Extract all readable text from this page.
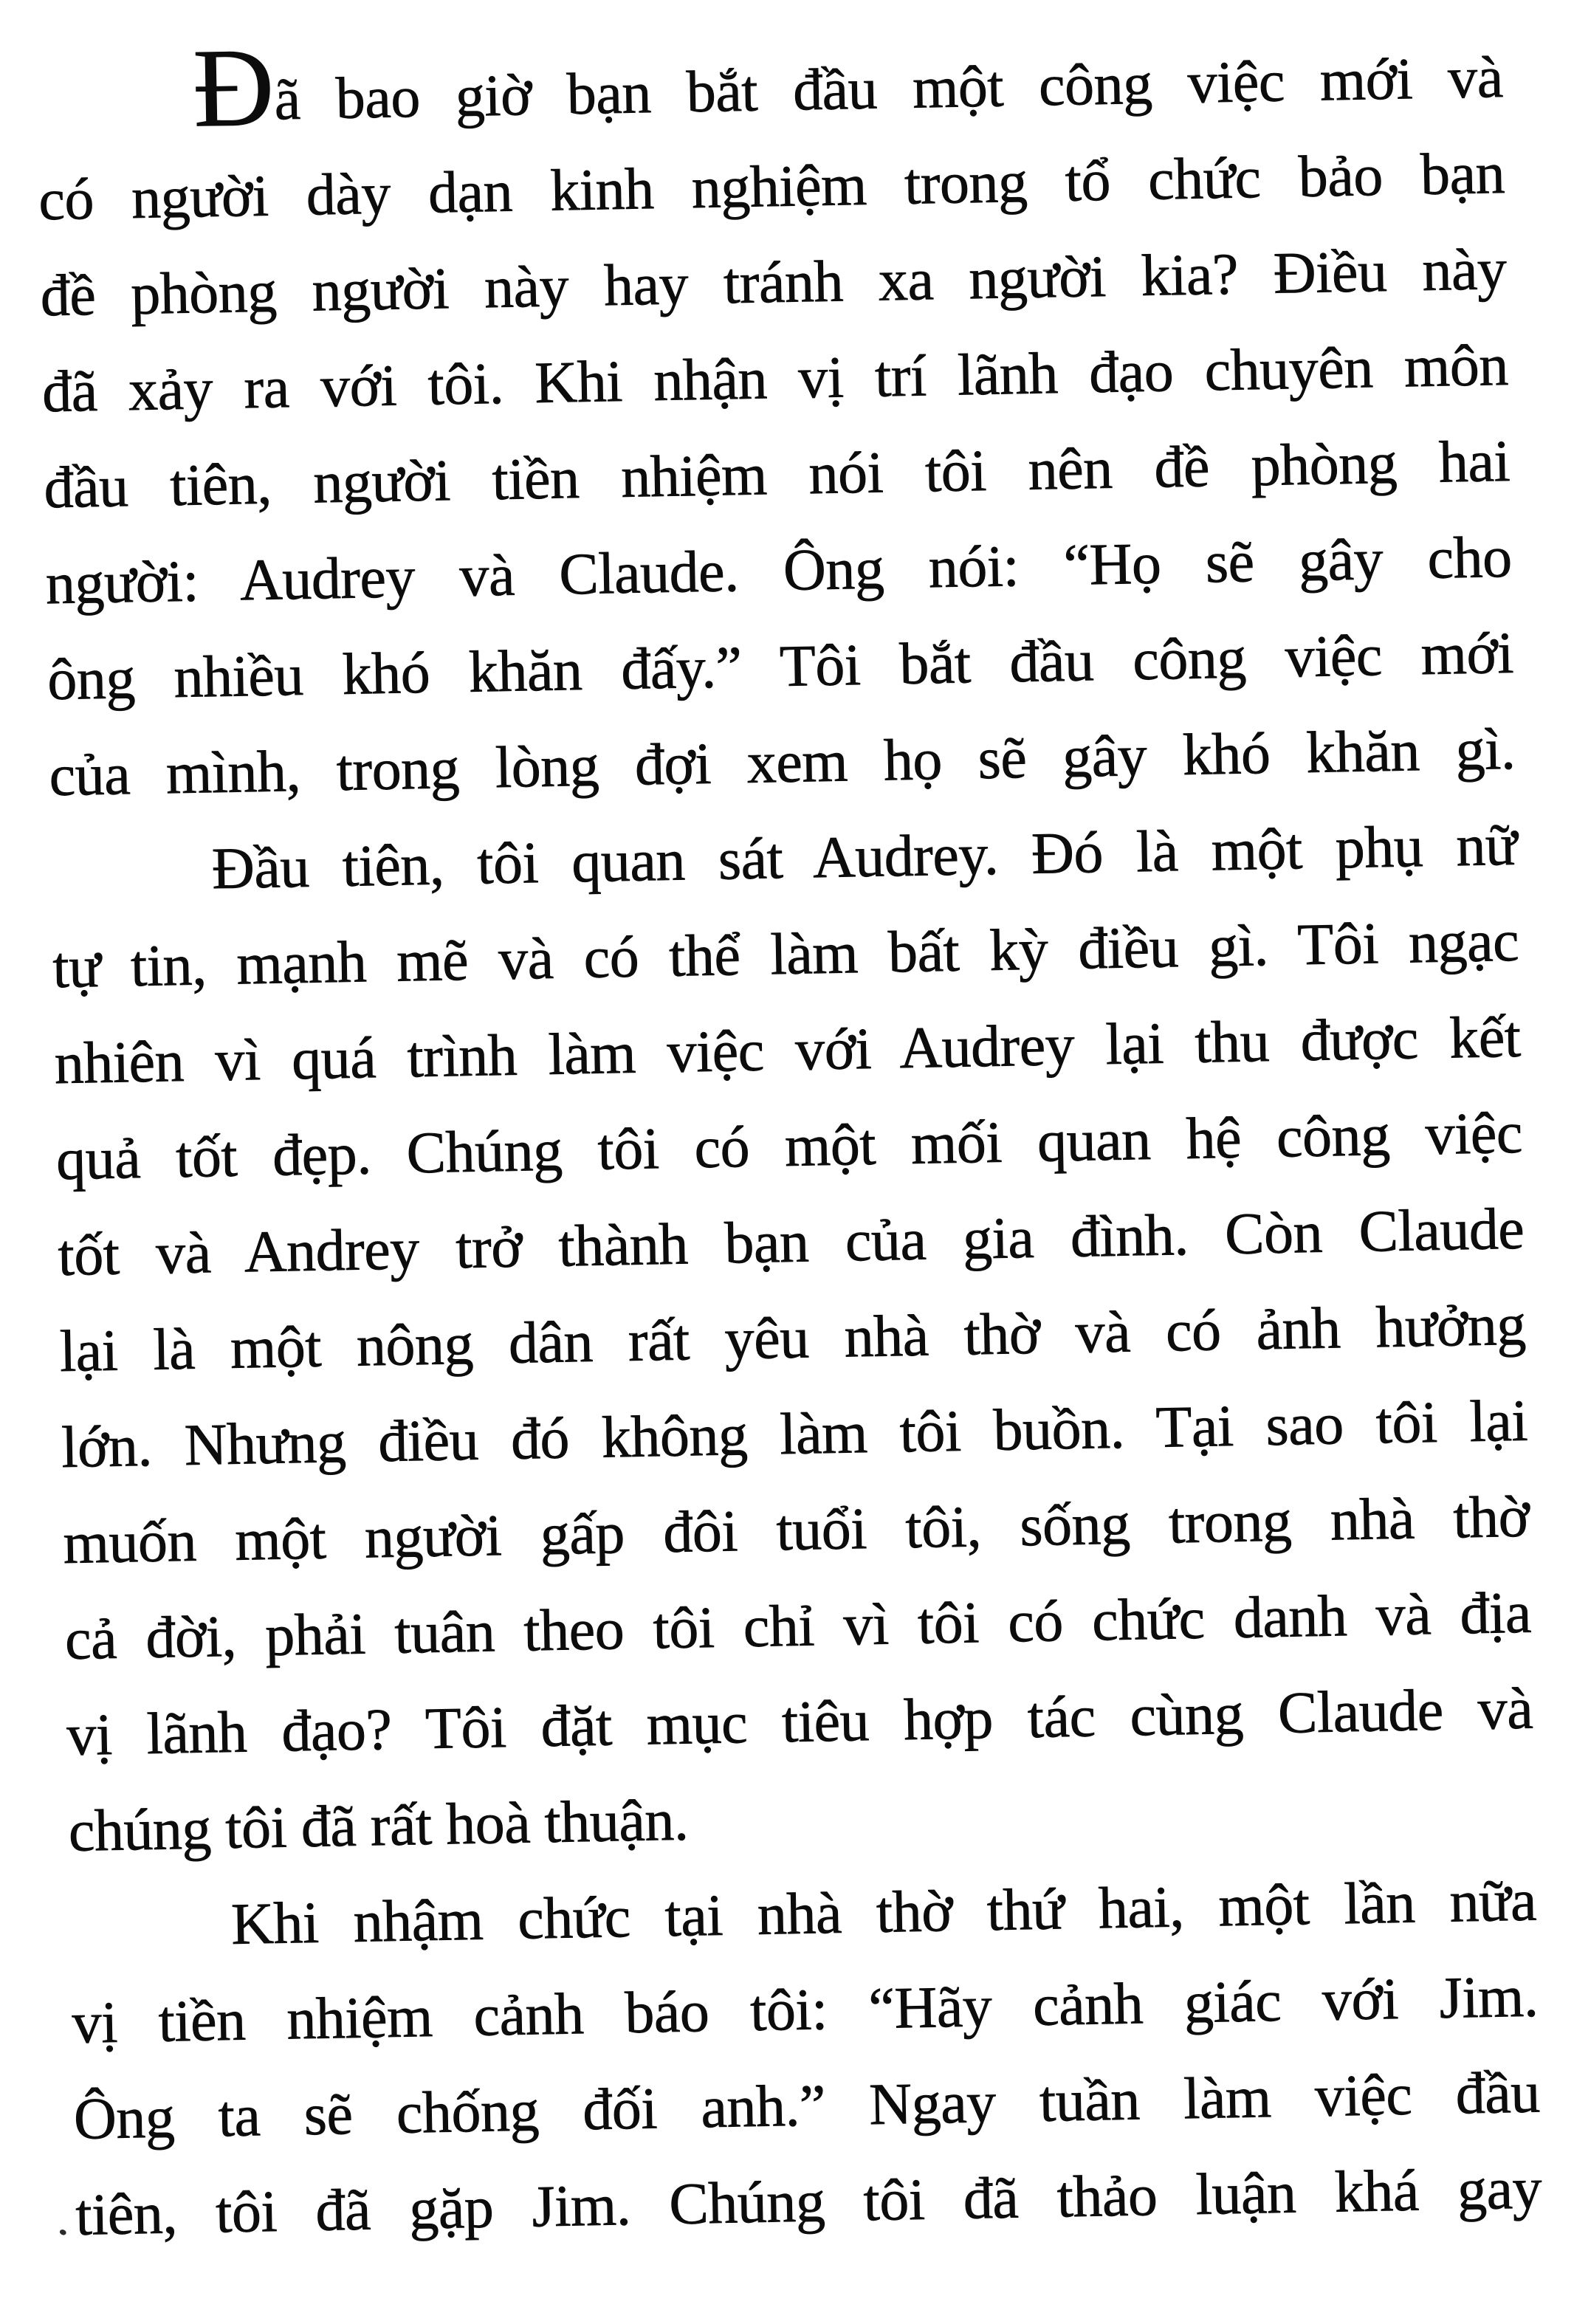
Đã bao giờ bạn bắt đầu một công việc mới và
có người dày dạn kinh nghiệm trong tổ chức bảo bạn
đề phòng người này hay tránh xa người kia? Điều này
đã xảy ra với tôi. Khi nhận vị trí lãnh đạo chuyên môn
đầu tiên, người tiền nhiệm nói tôi nên đề phòng hai
người: Audrey và Claude. Ông nói: “Họ sẽ gây cho
ông nhiều khó khăn đấy.” Tôi bắt đầu công việc mới
của mình, trong lòng đợi xem họ sẽ gây khó khăn gì.
Đầu tiên, tôi quan sát Audrey. Đó là một phụ nữ
tự tin, mạnh mẽ và có thể làm bất kỳ điều gì. Tôi ngạc
nhiên vì quá trình làm việc với Audrey lại thu được kết
quả tốt đẹp. Chúng tôi có một mối quan hệ công việc
tốt và Andrey trở thành bạn của gia đình. Còn Claude
lại là một nông dân rất yêu nhà thờ và có ảnh hưởng
lớn. Nhưng điều đó không làm tôi buồn. Tại sao tôi lại
muốn một người gấp đôi tuổi tôi, sống trong nhà thờ
cả đời, phải tuân theo tôi chỉ vì tôi có chức danh và địa
vị lãnh đạo? Tôi đặt mục tiêu hợp tác cùng Claude và
chúng tôi đã rất hoà thuận.
Khi nhậm chức tại nhà thờ thứ hai, một lần nữa
vị tiền nhiệm cảnh báo tôi: “Hãy cảnh giác với Jim.
Ông ta sẽ chống đối anh.” Ngay tuần làm việc đầu
tiên, tôi đã gặp Jim. Chúng tôi đã thảo luận khá gay
